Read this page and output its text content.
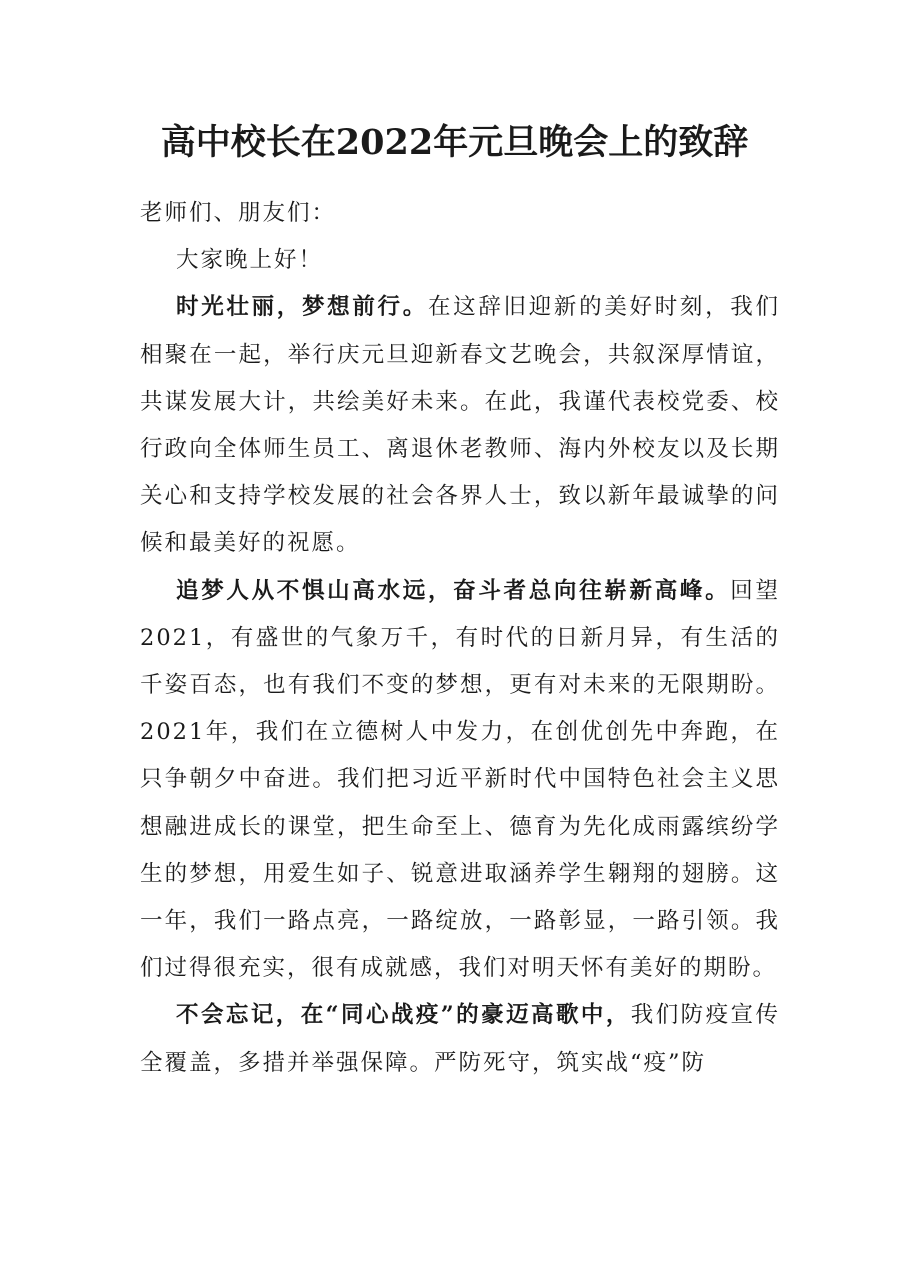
高中校长在2022年元旦晚会上的致辞

老师们、朋友们：

大家晚上好！

时光壮丽，梦想前行。在这辞旧迎新的美好时刻，我们相聚在一起，举行庆元旦迎新春文艺晚会，共叙深厚情谊，共谋发展大计，共绘美好未来。在此，我谨代表校党委、校行政向全体师生员工、离退休老教师、海内外校友以及长期关心和支持学校发展的社会各界人士，致以新年最诚挚的问候和最美好的祝愿。

追梦人从不惧山高水远，奋斗者总向往崭新高峰。回望2021，有盛世的气象万千，有时代的日新月异，有生活的千姿百态，也有我们不变的梦想，更有对未来的无限期盼。2021年，我们在立德树人中发力，在创优创先中奔跑，在只争朝夕中奋进。我们把习近平新时代中国特色社会主义思想融进成长的课堂，把生命至上、德育为先化成雨露缤纷学生的梦想，用爱生如子、锐意进取涵养学生翱翔的翅膀。这一年，我们一路点亮，一路绽放，一路彰显，一路引领。我们过得很充实，很有成就感，我们对明天怀有美好的期盼。

不会忘记，在“同心战疫”的豪迈高歌中，我们防疫宣传全覆盖，多措并举强保障。严防死守，筑实战“疫”防
